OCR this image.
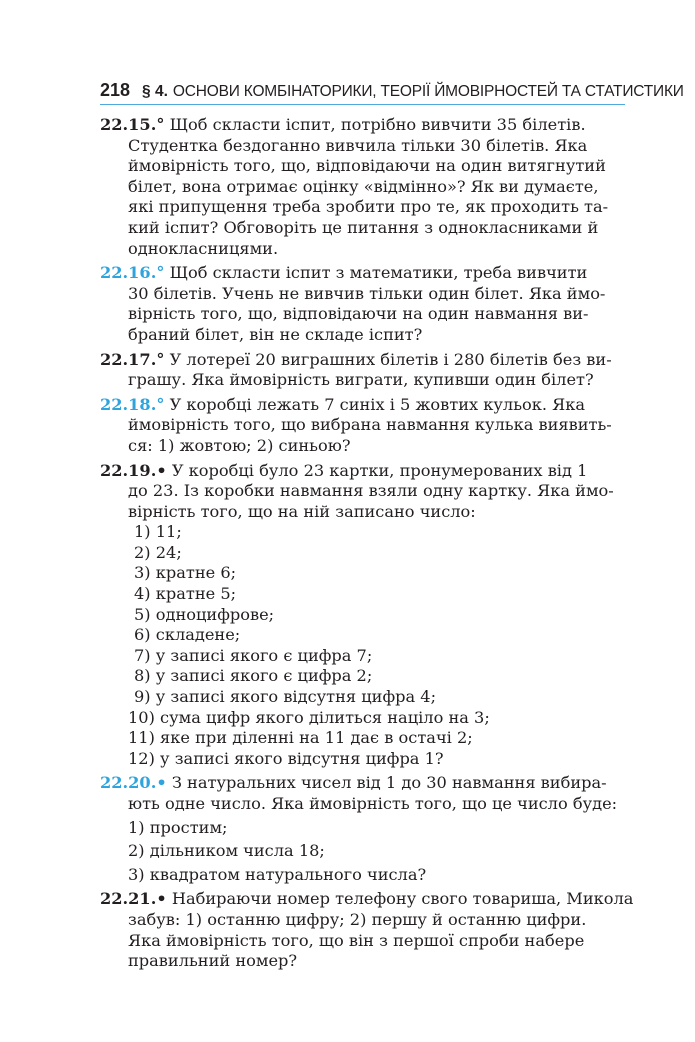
218 § 4. ОСНОВИ КОМБІНАТОРИКИ, ТЕОРІЇ ЙМОВІРНОСТЕЙ ТА СТАТИСТИКИ
22.15.° Щоб скласти іспит, потрібно вивчити 35 білетів.
Студентка бездоганно вивчила тільки 30 білетів. Яка
ймовірність того, що, відповідаючи на один витягнутий
білет, вона отримає оцінку «відмінно»? Як ви думаєте,
які припущення треба зробити про те, як проходить та-
кий іспит? Обговоріть це питання з однокласниками й
однокласницями.
22.16.° Щоб скласти іспит з математики, треба вивчити
30 білетів. Учень не вивчив тільки один білет. Яка ймо-
вірність того, що, відповідаючи на один навмання ви-
браний білет, він не складе іспит?
22.17.° У лотереї 20 виграшних білетів і 280 білетів без ви-
грашу. Яка ймовірність виграти, купивши один білет?
22.18.° У коробці лежать 7 синіх і 5 жовтих кульок. Яка
ймовірність того, що вибрана навмання кулька виявить-
ся: 1) жовтою; 2) синьою?
22.19.• У коробці було 23 картки, пронумерованих від 1
до 23. Із коробки навмання взяли одну картку. Яка ймо-
вірність того, що на ній записано число:
1) 11;
2) 24;
3) кратне 6;
4) кратне 5;
5) одноцифрове;
6) складене;
7) у записі якого є цифра 7;
8) у записі якого є цифра 2;
9) у записі якого відсутня цифра 4;
10) сума цифр якого ділиться націло на 3;
11) яке при діленні на 11 дає в остачі 2;
12) у записі якого відсутня цифра 1?
22.20.• З натуральних чисел від 1 до 30 навмання вибира-
ють одне число. Яка ймовірність того, що це число буде:
1) простим;
2) дільником числа 18;
3) квадратом натурального числа?
22.21.• Набираючи номер телефону свого товариша, Микола
забув: 1) останню цифру; 2) першу й останню цифри.
Яка ймовірність того, що він з першої спроби набере
правильний номер?
